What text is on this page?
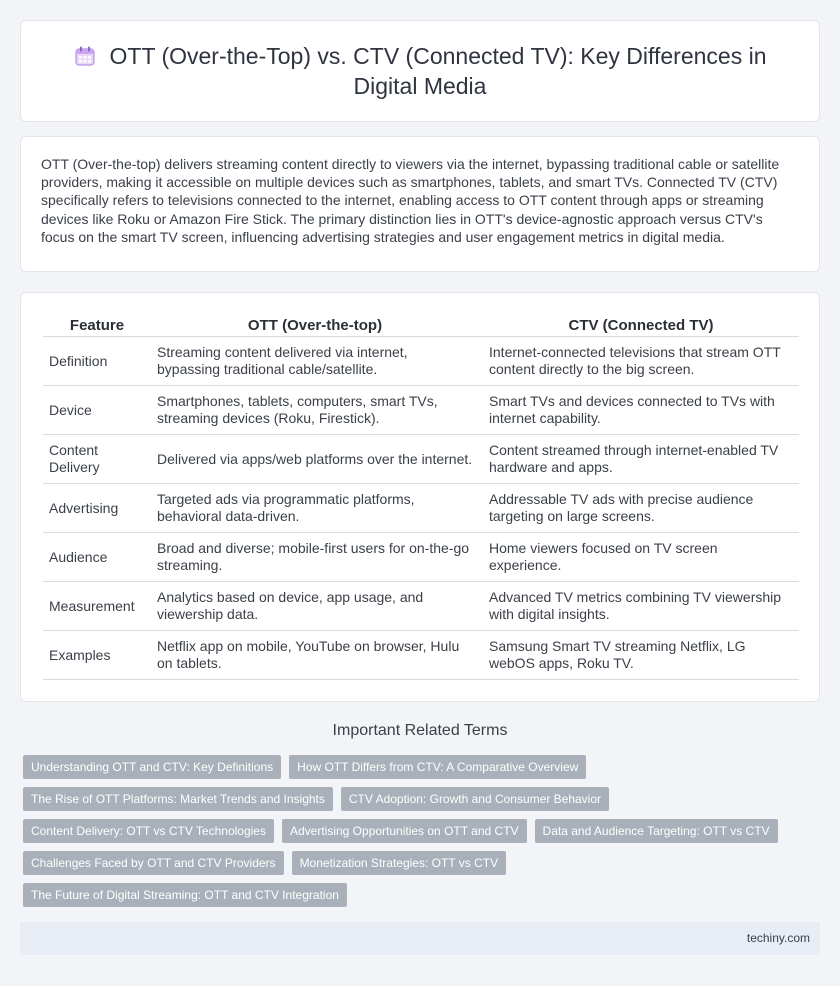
OTT (Over-the-Top) vs. CTV (Connected TV): Key Differences in Digital Media

OTT (Over-the-top) delivers streaming content directly to viewers via the internet, bypassing traditional cable or satellite providers, making it accessible on multiple devices such as smartphones, tablets, and smart TVs. Connected TV (CTV) specifically refers to televisions connected to the internet, enabling access to OTT content through apps or streaming devices like Roku or Amazon Fire Stick. The primary distinction lies in OTT's device-agnostic approach versus CTV's focus on the smart TV screen, influencing advertising strategies and user engagement metrics in digital media.

Feature	OTT (Over-the-top)		CTV (Connected TV)
Definition	Streaming content delivered via internet, bypassing traditional cable/satellite.		Internet-connected televisions that stream OTT content directly to the big screen.
Device	Smartphones, tablets, computers, smart TVs, streaming devices (Roku, Firestick).		Smart TVs and devices connected to TVs with internet capability.
Content Delivery	Delivered via apps/web platforms over the internet.		Content streamed through internet-enabled TV hardware and apps.
Advertising	Targeted ads via programmatic platforms, behavioral data-driven.		Addressable TV ads with precise audience targeting on large screens.
Audience	Broad and diverse; mobile-first users for on-the-go streaming.		Home viewers focused on TV screen experience.
Measurement	Analytics based on device, app usage, and viewership data.		Advanced TV metrics combining TV viewership with digital insights.
Examples	Netflix app on mobile, YouTube on browser, Hulu on tablets.		Samsung Smart TV streaming Netflix, LG webOS apps, Roku TV.
Important Related Terms
Understanding OTT and CTV: Key Definitions	How OTT Differs from CTV: A Comparative Overview
The Rise of OTT Platforms: Market Trends and Insights	CTV Adoption: Growth and Consumer Behavior
Content Delivery: OTT vs CTV Technologies	Advertising Opportunities on OTT and CTV	Data and Audience Targeting: OTT vs CTV
Challenges Faced by OTT and CTV Providers	Monetization Strategies: OTT vs CTV
The Future of Digital Streaming: OTT and CTV Integration
techiny.com
